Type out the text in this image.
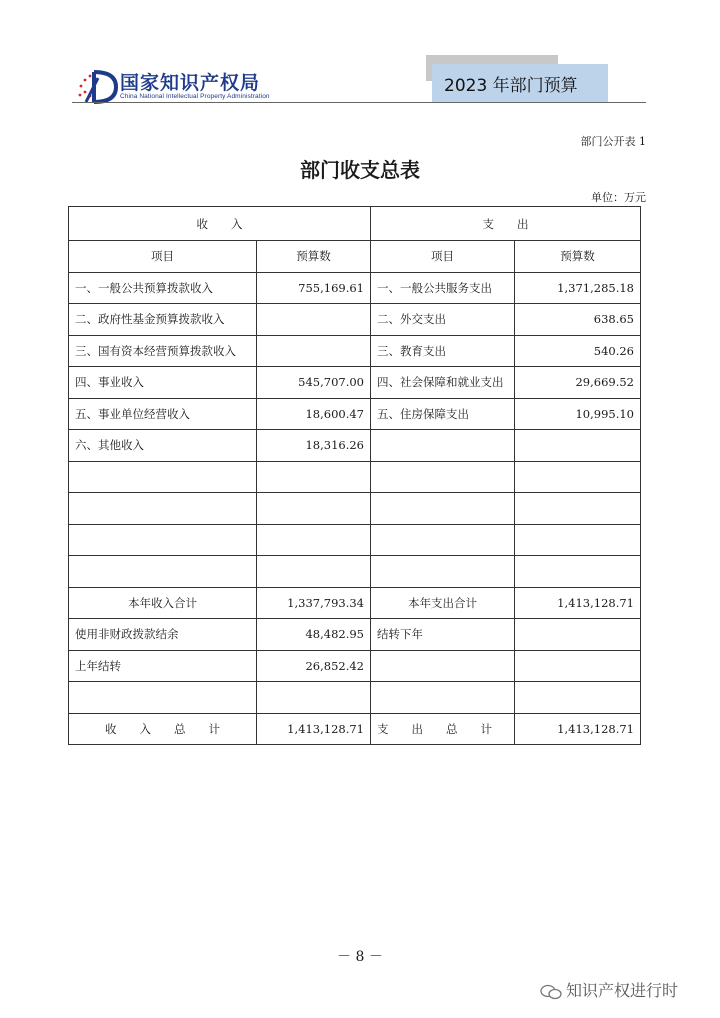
国家知识产权局
China National Intellectual Property Administration
2023 年部门预算
部门公开表 1
部门收支总表
单位：万元
收　　入		支　　出	
项目	预算数	项目	预算数
一、一般公共预算拨款收入	755,169.61	一、一般公共服务支出	1,371,285.18
二、政府性基金预算拨款收入		二、外交支出	638.65
三、国有资本经营预算拨款收入		三、教育支出	540.26
四、事业收入	545,707.00	四、社会保障和就业支出	29,669.52
五、事业单位经营收入	18,600.47	五、住房保障支出	10,995.10
六、其他收入	18,316.26		

本年收入合计	1,337,793.34	本年支出合计	1,413,128.71
使用非财政拨款结余	48,482.95	结转下年	
上年结转	26,852.42		

收　　入　　总　　计	1,413,128.71	支　　出　　总　　计	1,413,128.71
－ 8 －
知识产权进行时
